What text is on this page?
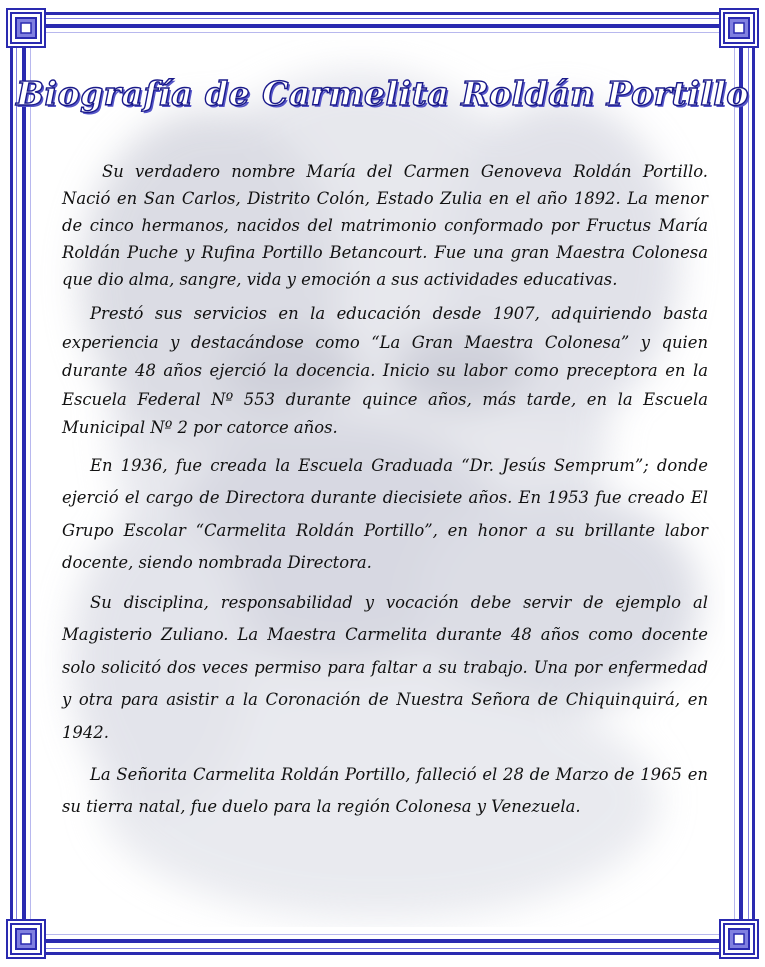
Biografía de Carmelita Roldán Portillo

Su verdadero nombre María del Carmen Genoveva Roldán Portillo. Nació en San Carlos, Distrito Colón, Estado Zulia en el año 1892. La menor de cinco hermanos, nacidos del matrimonio conformado por Fructus María Roldán Puche y Rufina Portillo Betancourt. Fue una gran Maestra Colonesa que dio alma, sangre, vida y emoción a sus actividades educativas.

Prestó sus servicios en la educación desde 1907, adquiriendo basta experiencia y destacándose como “La Gran Maestra Colonesa” y quien durante 48 años ejerció la docencia. Inicio su labor como preceptora en la Escuela Federal Nº 553 durante quince años, más tarde, en la Escuela Municipal Nº 2 por catorce años.

En 1936, fue creada la Escuela Graduada “Dr. Jesús Semprum”; donde ejerció el cargo de Directora durante diecisiete años. En 1953 fue creado El Grupo Escolar “Carmelita Roldán Portillo”, en honor a su brillante labor docente, siendo nombrada Directora.

Su disciplina, responsabilidad y vocación debe servir de ejemplo al Magisterio Zuliano. La Maestra Carmelita durante 48 años como docente solo solicitó dos veces permiso para faltar a su trabajo. Una por enfermedad y otra para asistir a la Coronación de Nuestra Señora de Chiquinquirá, en 1942.

La Señorita Carmelita Roldán Portillo, falleció el 28 de Marzo de 1965 en su tierra natal, fue duelo para la región Colonesa y Venezuela.
